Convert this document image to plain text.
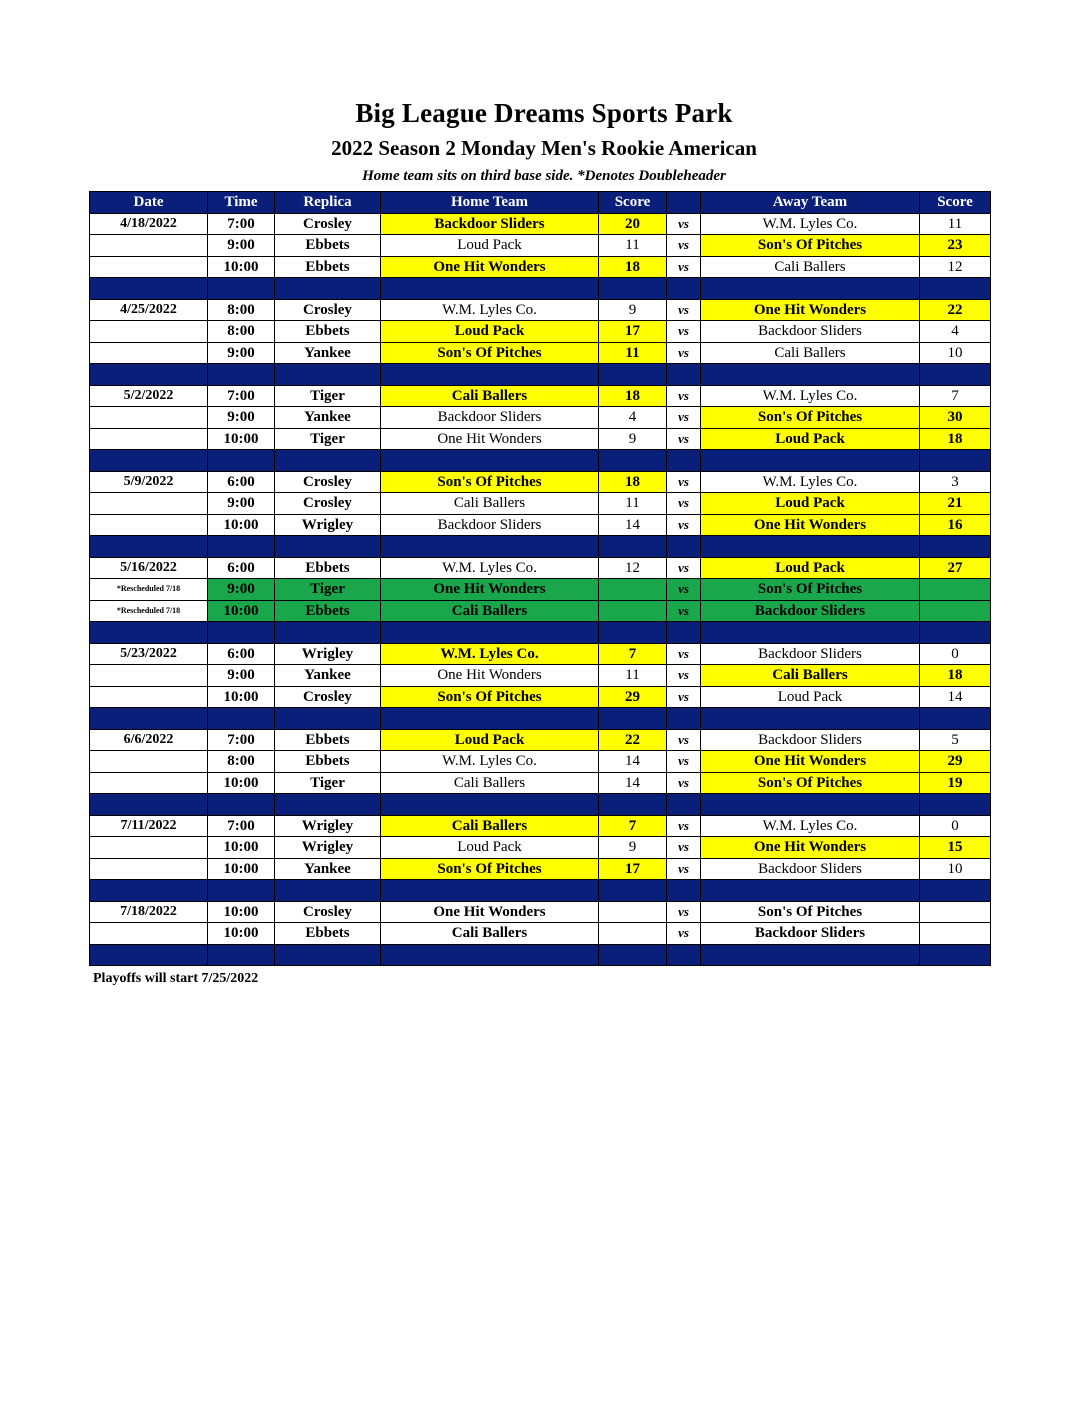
Big League Dreams Sports Park
2022 Season 2 Monday Men's Rookie American
Home team sits on third base side. *Denotes Doubleheader
Date	Time	Replica	Home Team	Score		Away Team	Score
4/18/2022	7:00	Crosley	Backdoor Sliders	20	vs	W.M. Lyles Co.	11
	9:00	Ebbets	Loud Pack	11	vs	Son's Of Pitches	23
	10:00	Ebbets	One Hit Wonders	18	vs	Cali Ballers	12

4/25/2022	8:00	Crosley	W.M. Lyles Co.	9	vs	One Hit Wonders	22
	8:00	Ebbets	Loud Pack	17	vs	Backdoor Sliders	4
	9:00	Yankee	Son's Of Pitches	11	vs	Cali Ballers	10

5/2/2022	7:00	Tiger	Cali Ballers	18	vs	W.M. Lyles Co.	7
	9:00	Yankee	Backdoor Sliders	4	vs	Son's Of Pitches	30
	10:00	Tiger	One Hit Wonders	9	vs	Loud Pack	18

5/9/2022	6:00	Crosley	Son's Of Pitches	18	vs	W.M. Lyles Co.	3
	9:00	Crosley	Cali Ballers	11	vs	Loud Pack	21
	10:00	Wrigley	Backdoor Sliders	14	vs	One Hit Wonders	16

5/16/2022	6:00	Ebbets	W.M. Lyles Co.	12	vs	Loud Pack	27
*Rescheduled 7/18	9:00	Tiger	One Hit Wonders		vs	Son's Of Pitches	
*Rescheduled 7/18	10:00	Ebbets	Cali Ballers		vs	Backdoor Sliders	

5/23/2022	6:00	Wrigley	W.M. Lyles Co.	7	vs	Backdoor Sliders	0
	9:00	Yankee	One Hit Wonders	11	vs	Cali Ballers	18
	10:00	Crosley	Son's Of Pitches	29	vs	Loud Pack	14

6/6/2022	7:00	Ebbets	Loud Pack	22	vs	Backdoor Sliders	5
	8:00	Ebbets	W.M. Lyles Co.	14	vs	One Hit Wonders	29
	10:00	Tiger	Cali Ballers	14	vs	Son's Of Pitches	19

7/11/2022	7:00	Wrigley	Cali Ballers	7	vs	W.M. Lyles Co.	0
	10:00	Wrigley	Loud Pack	9	vs	One Hit Wonders	15
	10:00	Yankee	Son's Of Pitches	17	vs	Backdoor Sliders	10

7/18/2022	10:00	Crosley	One Hit Wonders		vs	Son's Of Pitches	
	10:00	Ebbets	Cali Ballers		vs	Backdoor Sliders	

Playoffs will start 7/25/2022
